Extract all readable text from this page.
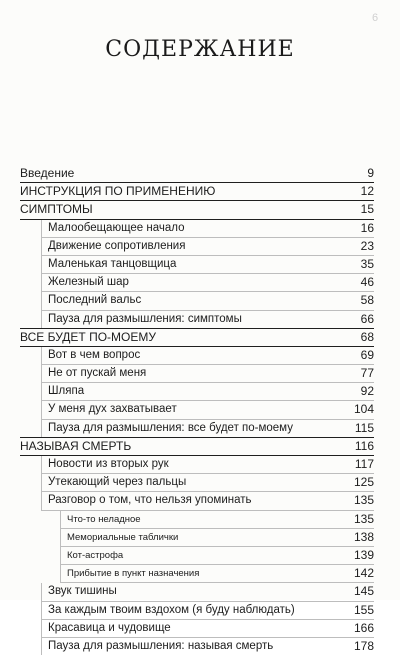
6
СОДЕРЖАНИЕ
Введение	9
ИНСТРУКЦИЯ ПО ПРИМЕНЕНИЮ	12
СИМПТОМЫ	15
Малообещающее начало	16
Движение сопротивления	23
Маленькая танцовщица	35
Железный шар	46
Последний вальс	58
Пауза для размышления: симптомы	66
ВСЕ БУДЕТ ПО-МОЕМУ	68
Вот в чем вопрос	69
Не от пускай меня	77
Шляпа	92
У меня дух захватывает	104
Пауза для размышления: все будет по-моему	115
НАЗЫВАЯ СМЕРТЬ	116
Новости из вторых рук	117
Утекающий через пальцы	125
Разговор о том, что нельзя упоминать	135
Что-то неладное	135
Мемориальные таблички	138
Кот-астрофа	139
Прибытие в пункт назначения	142
Звук тишины	145
За каждым твоим вздохом (я буду наблюдать)	155
Красавица и чудовище	166
Пауза для размышления: называя смерть	178
